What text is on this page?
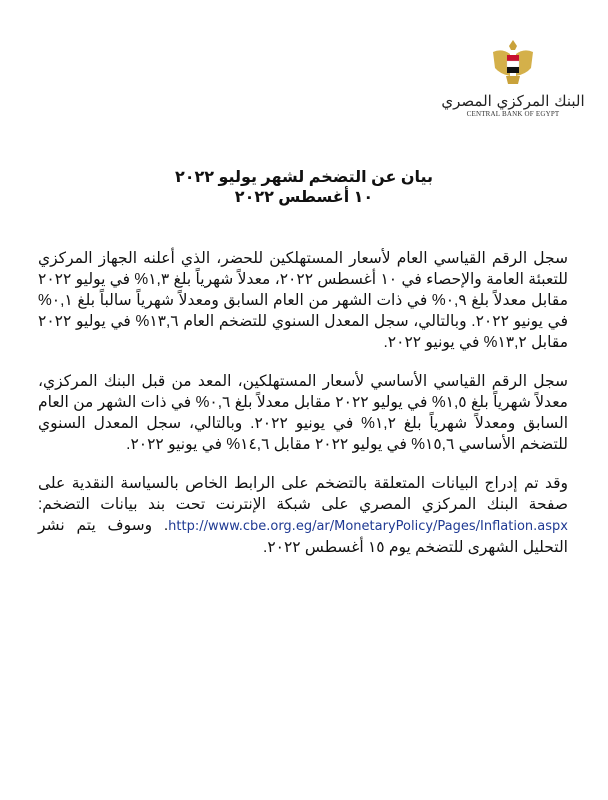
البنك المركزي المصري
CENTRAL BANK OF EGYPT
بيان عن التضخم لشهر يوليو ٢٠٢٢
١٠ أغسطس ٢٠٢٢

سجل الرقم القياسي العام لأسعار المستهلكين للحضر، الذي أعلنه الجهاز المركزي للتعبئة العامة والإحصاء في ١٠ أغسطس ٢٠٢٢، معدلاً شهرياً بلغ ١,٣% في يوليو ٢٠٢٢ مقابل معدلاً بلغ ٠,٩% في ذات الشهر من العام السابق ومعدلاً شهرياً سالباً بلغ ٠,١% في يونيو ٢٠٢٢. وبالتالي، سجل المعدل السنوي للتضخم العام ١٣,٦% في يوليو ٢٠٢٢ مقابل ١٣,٢% في يونيو ٢٠٢٢.

سجل الرقم القياسي الأساسي لأسعار المستهلكين، المعد من قبل البنك المركزي، معدلاً شهرياً بلغ ١,٥% في يوليو ٢٠٢٢ مقابل معدلاً بلغ ٠,٦% في ذات الشهر من العام السابق ومعدلاً شهرياً بلغ ١,٢% في يونيو ٢٠٢٢. وبالتالي، سجل المعدل السنوي للتضخم الأساسي ١٥,٦% في يوليو ٢٠٢٢ مقابل ١٤,٦% في يونيو ٢٠٢٢.

وقد تم إدراج البيانات المتعلقة بالتضخم على الرابط الخاص بالسياسة النقدية على صفحة البنك المركزي المصري على شبكة الإنترنت تحت بند بيانات التضخم: http://www.cbe.org.eg/ar/MonetaryPolicy/Pages/Inflation.aspx. وسوف يتم نشر التحليل الشهرى للتضخم يوم ١٥ أغسطس ٢٠٢٢.
